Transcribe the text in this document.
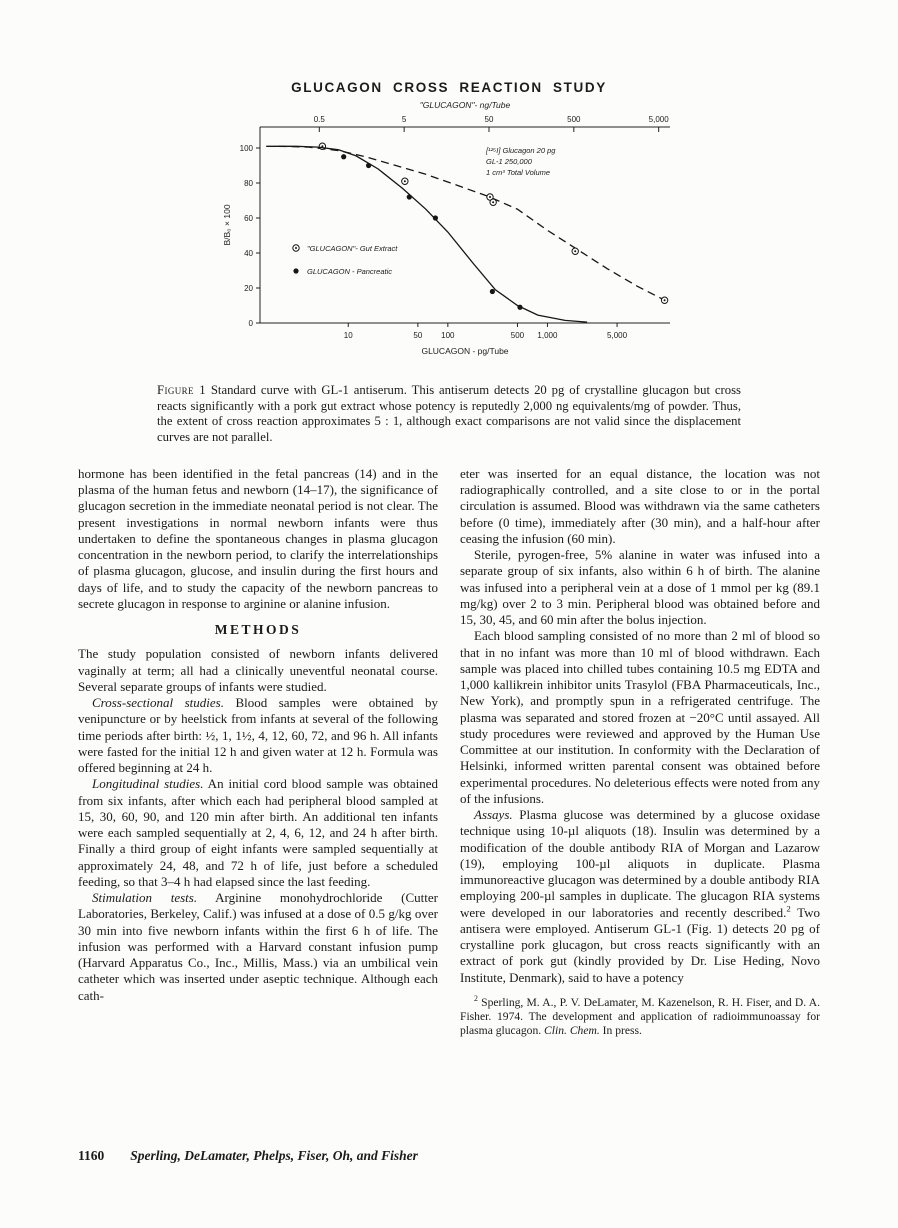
GLUCAGON CROSS REACTION STUDY
"GLUCAGON"- ng/Tube
0.5	5	50	500	5,000
10	50 100	500 1,000	5,000
GLUCAGON - pg/Tube
0
20
40
60
80
100
B/B₀ × 100
"GLUCAGON"- Gut Extract
GLUCAGON - Pancreatic
[¹²⁵I] Glucagon 20 pg
GL-1 250,000
1 cm³ Total Volume
Figure 1 Standard curve with GL-1 antiserum. This antiserum detects 20 pg of crystalline glucagon but cross reacts significantly with a pork gut extract whose potency is reputedly 2,000 ng equivalents/mg of powder. Thus, the extent of cross reaction approximates 5 : 1, although exact comparisons are not valid since the displacement curves are not parallel.

hormone has been identified in the fetal pancreas (14) and in the plasma of the human fetus and newborn (14–17), the significance of glucagon secretion in the immediate neonatal period is not clear. The present investigations in normal newborn infants were thus undertaken to define the spontaneous changes in plasma glucagon concentration in the newborn period, to clarify the interrelationships of plasma glucagon, glucose, and insulin during the first hours and days of life, and to study the capacity of the newborn pancreas to secrete glucagon in response to arginine or alanine infusion.

METHODS

The study population consisted of newborn infants delivered vaginally at term; all had a clinically uneventful neonatal course. Several separate groups of infants were studied.

Cross-sectional studies. Blood samples were obtained by venipuncture or by heelstick from infants at several of the following time periods after birth: ½, 1, 1½, 4, 12, 60, 72, and 96 h. All infants were fasted for the initial 12 h and given water at 12 h. Formula was offered beginning at 24 h.

Longitudinal studies. An initial cord blood sample was obtained from six infants, after which each had peripheral blood sampled at 15, 30, 60, 90, and 120 min after birth. An additional ten infants were each sampled sequentially at 2, 4, 6, 12, and 24 h after birth. Finally a third group of eight infants were sampled sequentially at approximately 24, 48, and 72 h of life, just before a scheduled feeding, so that 3–4 h had elapsed since the last feeding.

Stimulation tests. Arginine monohydrochloride (Cutter Laboratories, Berkeley, Calif.) was infused at a dose of 0.5 g/kg over 30 min into five newborn infants within the first 6 h of life. The infusion was performed with a Harvard constant infusion pump (Harvard Apparatus Co., Inc., Millis, Mass.) via an umbilical vein catheter which was inserted under aseptic technique. Although each cath-

eter was inserted for an equal distance, the location was not radiographically controlled, and a site close to or in the portal circulation is assumed. Blood was withdrawn via the same catheters before (0 time), immediately after (30 min), and a half-hour after ceasing the infusion (60 min).

Sterile, pyrogen-free, 5% alanine in water was infused into a separate group of six infants, also within 6 h of birth. The alanine was infused into a peripheral vein at a dose of 1 mmol per kg (89.1 mg/kg) over 2 to 3 min. Peripheral blood was obtained before and 15, 30, 45, and 60 min after the bolus injection.

Each blood sampling consisted of no more than 2 ml of blood so that in no infant was more than 10 ml of blood withdrawn. Each sample was placed into chilled tubes containing 10.5 mg EDTA and 1,000 kallikrein inhibitor units Trasylol (FBA Pharmaceuticals, Inc., New York), and promptly spun in a refrigerated centrifuge. The plasma was separated and stored frozen at −20°C until assayed. All study procedures were reviewed and approved by the Human Use Committee at our institution. In conformity with the Declaration of Helsinki, informed written parental consent was obtained before experimental procedures. No deleterious effects were noted from any of the infusions.

Assays. Plasma glucose was determined by a glucose oxidase technique using 10-µl aliquots (18). Insulin was determined by a modification of the double antibody RIA of Morgan and Lazarow (19), employing 100-µl aliquots in duplicate. Plasma immunoreactive glucagon was determined by a double antibody RIA employing 200-µl samples in duplicate. The glucagon RIA systems were developed in our laboratories and recently described.$^2$ Two antisera were employed. Antiserum GL-1 (Fig. 1) detects 20 pg of crystalline pork glucagon, but cross reacts significantly with an extract of pork gut (kindly provided by Dr. Lise Heding, Novo Institute, Denmark), said to have a potency

$^2$ Sperling, M. A., P. V. DeLamater, M. Kazenelson, R. H. Fiser, and D. A. Fisher. 1974. The development and application of radioimmunoassay for plasma glucagon. Clin. Chem. In press.

1160 Sperling, DeLamater, Phelps, Fiser, Oh, and Fisher
